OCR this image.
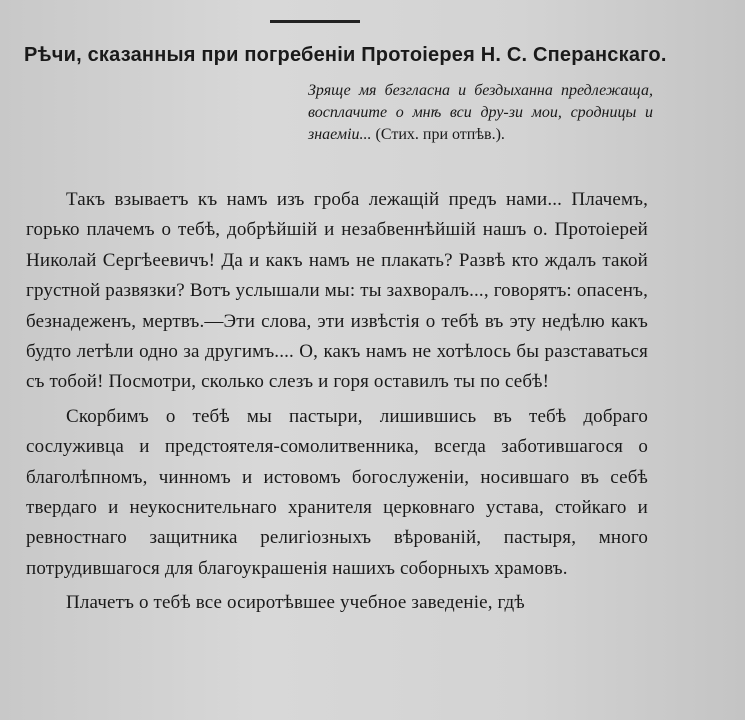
Рѣчи, сказанныя при погребеніи Протоіерея Н. С. Сперанскаго.
Зряще мя безгласна и бездыханна предлежаща, восплачите о мнѣ вси дру-зи мои, сродницы и знаеміи... (Стих. при отпѣв.).

Такъ взываетъ къ намъ изъ гроба лежащій предъ нами... Плачемъ, горько плачемъ о тебѣ, добрѣйшій и незабвеннѣйшій нашъ о. Протоіерей Николай Сергѣеевичъ! Да и какъ намъ не плакать? Развѣ кто ждалъ такой грустной развязки? Вотъ услышали мы: ты захворалъ..., говорятъ: опасенъ, безнадеженъ, мертвъ.—Эти слова, эти извѣстія о тебѣ въ эту недѣлю какъ будто летѣли одно за другимъ.... О, какъ намъ не хотѣлось бы разставаться съ тобой! Посмотри, сколько слезъ и горя оставилъ ты по себѣ!

Скорбимъ о тебѣ мы пастыри, лишившись въ тебѣ добраго сослуживца и предстоятеля-сомолитвенника, всегда заботившагося о благолѣпномъ, чинномъ и истовомъ богослуженіи, носившаго въ себѣ твердаго и неукоснительнаго хранителя церковнаго устава, стойкаго и ревностнаго защитника религіозныхъ вѣрованій, пастыря, много потрудившагося для благоукрашенія нашихъ соборныхъ храмовъ.

Плачетъ о тебѣ все осиротѣвшее учебное заведеніе, гдѣ
